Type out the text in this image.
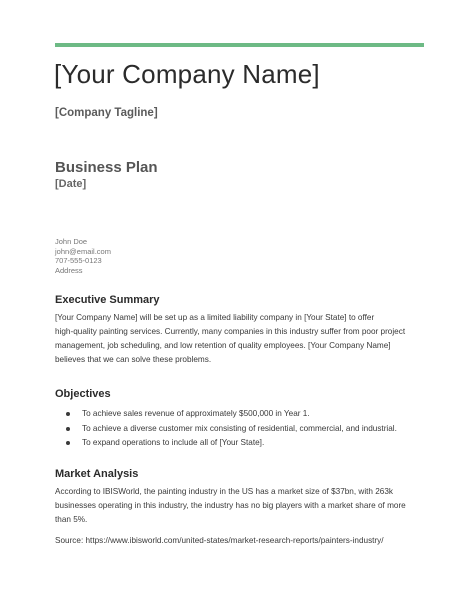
[Your Company Name]
[Company Tagline]
Business Plan
[Date]
John Doe
john@email.com
707-555-0123
Address
Executive Summary

[Your Company Name] will be set up as a limited liability company in [Your State] to offer
high-quality painting services. Currently, many companies in this industry suffer from poor project
management, job scheduling, and low retention of quality employees. [Your Company Name]
believes that we can solve these problems.

Objectives
To achieve sales revenue of approximately $500,000 in Year 1.
To achieve a diverse customer mix consisting of residential, commercial, and industrial.
To expand operations to include all of [Your State].
Market Analysis

According to IBISWorld, the painting industry in the US has a market size of $37bn, with 263k
businesses operating in this industry, the industry has no big players with a market share of more
than 5%.

Source: https://www.ibisworld.com/united-states/market-research-reports/painters-industry/
